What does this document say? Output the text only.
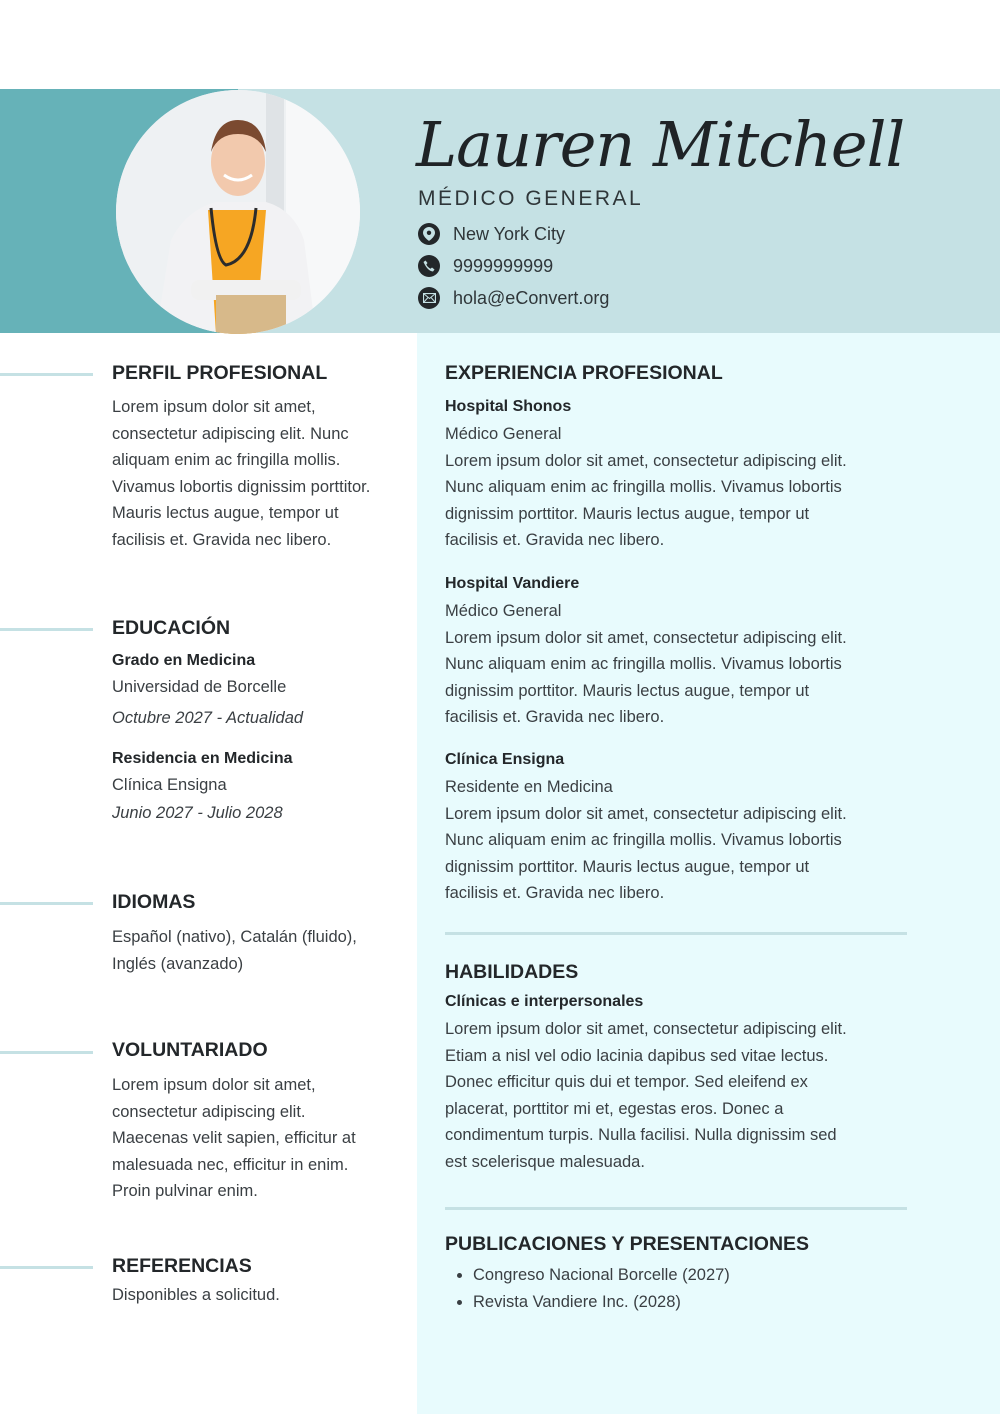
Lauren Mitchell
MÉDICO GENERAL
New York City
9999999999
hola@eConvert.org
PERFIL PROFESIONAL
Lorem ipsum dolor sit amet,
consectetur adipiscing elit. Nunc
aliquam enim ac fringilla mollis.
Vivamus lobortis dignissim porttitor.
Mauris lectus augue, tempor ut
facilisis et. Gravida nec libero.
EDUCACIÓN
Grado en Medicina
Universidad de Borcelle
Octubre 2027 - Actualidad
Residencia en Medicina
Clínica Ensigna
Junio 2027 - Julio 2028
IDIOMAS
Español (nativo), Catalán (fluido),
Inglés (avanzado)
VOLUNTARIADO
Lorem ipsum dolor sit amet,
consectetur adipiscing elit.
Maecenas velit sapien, efficitur at
malesuada nec, efficitur in enim.
Proin pulvinar enim.
REFERENCIAS
Disponibles a solicitud.
EXPERIENCIA PROFESIONAL
Hospital Shonos
Médico General
Lorem ipsum dolor sit amet, consectetur adipiscing elit.
Nunc aliquam enim ac fringilla mollis. Vivamus lobortis
dignissim porttitor. Mauris lectus augue, tempor ut
facilisis et. Gravida nec libero.
Hospital Vandiere
Médico General
Lorem ipsum dolor sit amet, consectetur adipiscing elit.
Nunc aliquam enim ac fringilla mollis. Vivamus lobortis
dignissim porttitor. Mauris lectus augue, tempor ut
facilisis et. Gravida nec libero.
Clínica Ensigna
Residente en Medicina
Lorem ipsum dolor sit amet, consectetur adipiscing elit.
Nunc aliquam enim ac fringilla mollis. Vivamus lobortis
dignissim porttitor. Mauris lectus augue, tempor ut
facilisis et. Gravida nec libero.
HABILIDADES
Clínicas e interpersonales
Lorem ipsum dolor sit amet, consectetur adipiscing elit.
Etiam a nisl vel odio lacinia dapibus sed vitae lectus.
Donec efficitur quis dui et tempor. Sed eleifend ex
placerat, porttitor mi et, egestas eros. Donec a
condimentum turpis. Nulla facilisi. Nulla dignissim sed
est scelerisque malesuada.
PUBLICACIONES Y PRESENTACIONES
• Congreso Nacional Borcelle (2027)
• Revista Vandiere Inc. (2028)
